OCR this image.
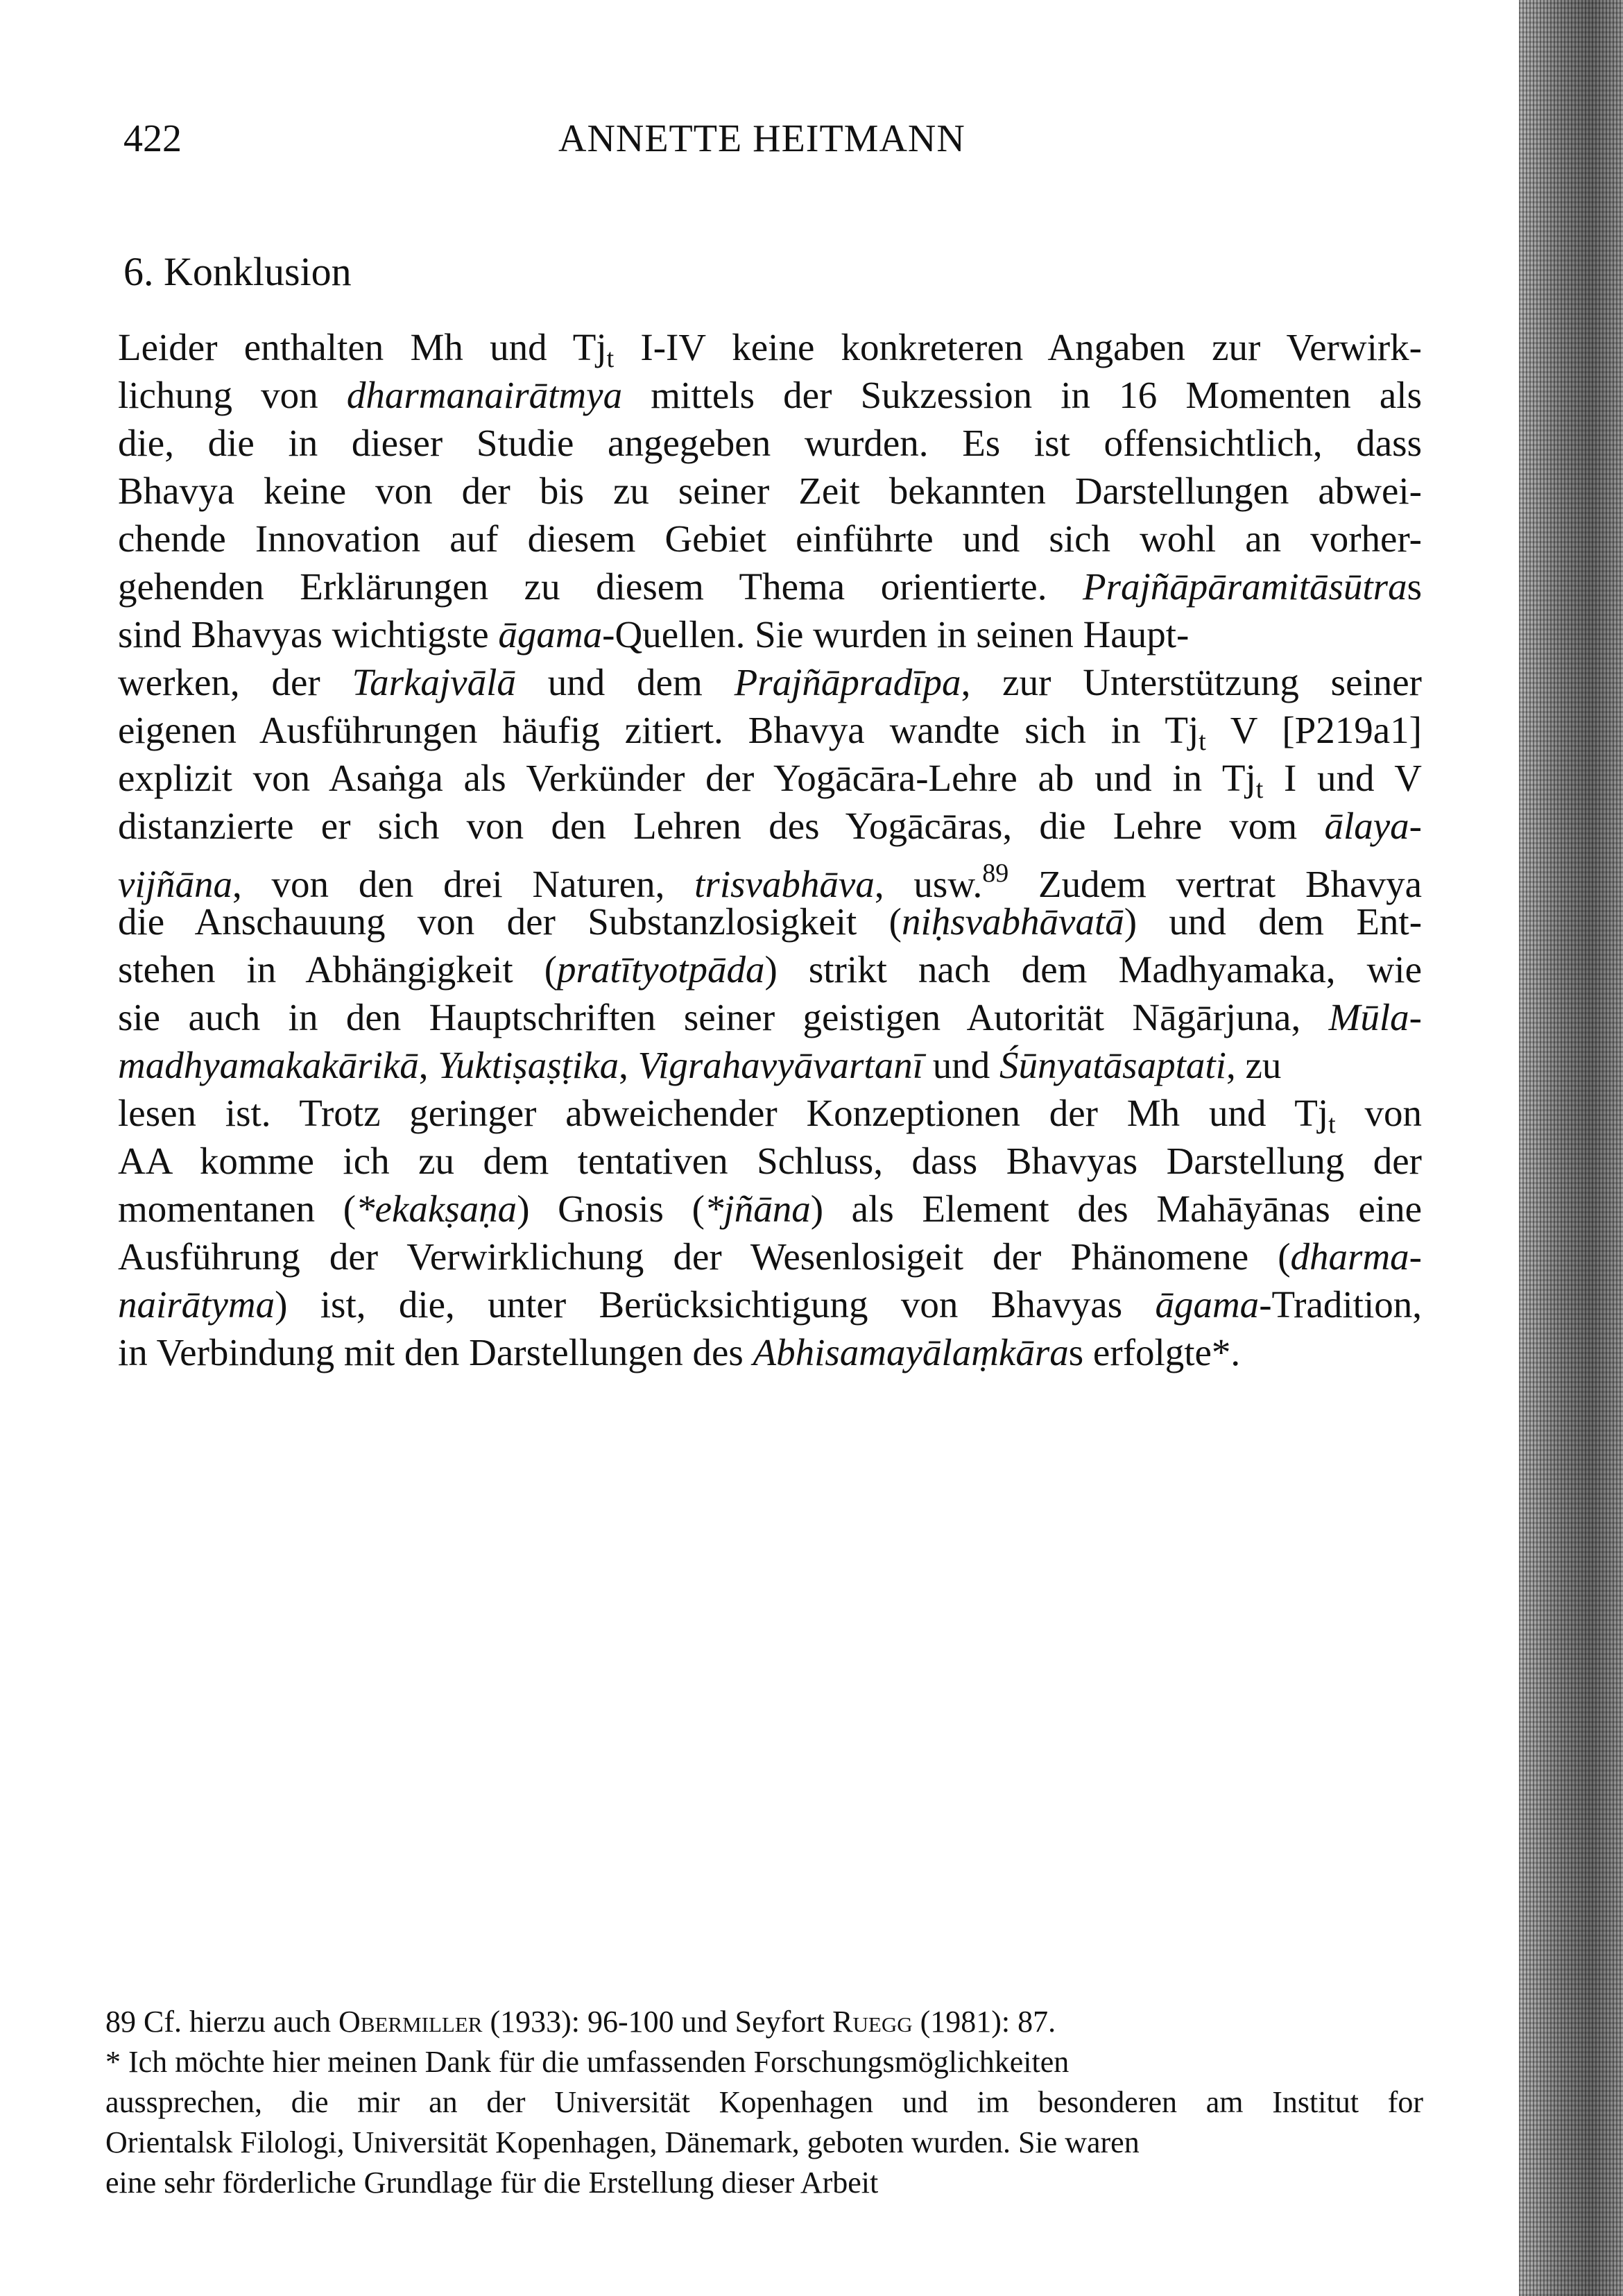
422	ANNETTE HEITMANN
6. Konklusion
Leider enthalten Mh und $Tj_t$ I-IV keine konkreteren Angaben zur Verwirk-
lichung von dharmanairātmya mittels der Sukzession in 16 Momenten als
die, die in dieser Studie angegeben wurden. Es ist offensichtlich, dass
Bhavya keine von der bis zu seiner Zeit bekannten Darstellungen abwei-
chende Innovation auf diesem Gebiet einführte und sich wohl an vorher-
gehenden Erklärungen zu diesem Thema orientierte. Prajñāpāramitāsūtras
sind Bhavyas wichtigste āgama-Quellen. Sie wurden in seinen Haupt-
werken, der Tarkajvālā und dem Prajñāpradīpa, zur Unterstützung seiner
eigenen Ausführungen häufig zitiert. Bhavya wandte sich in $Tj_t$ V [P219a1]
explizit von Asaṅga als Verkünder der Yogācāra-Lehre ab und in $Tj_t$ I und V
distanzierte er sich von den Lehren des Yogācāras, die Lehre vom ālaya-
vijñāna, von den drei Naturen, trisvabhāva, usw.$^{89}$ Zudem vertrat Bhavya
die Anschauung von der Substanzlosigkeit (niḥsvabhāvatā) und dem Ent-
stehen in Abhängigkeit (pratītyotpāda) strikt nach dem Madhyamaka, wie
sie auch in den Hauptschriften seiner geistigen Autorität Nāgārjuna, Mūla-
madhyamakakārikā, Yuktiṣaṣṭika, Vigrahavyāvartanī und Śūnyatāsaptati, zu
lesen ist. Trotz geringer abweichender Konzeptionen der Mh und $Tj_t$ von
AA komme ich zu dem tentativen Schluss, dass Bhavyas Darstellung der
momentanen (*ekakṣaṇa) Gnosis (*jñāna) als Element des Mahāyānas eine
Ausführung der Verwirklichung der Wesenlosigeit der Phänomene (dharma-
nairātyma) ist, die, unter Berücksichtigung von Bhavyas āgama-Tradition,
in Verbindung mit den Darstellungen des Abhisamayālaṃkāras erfolgte*.
89 Cf. hierzu auch Obermiller (1933): 96-100 und Seyfort Ruegg (1981): 87.
* Ich möchte hier meinen Dank für die umfassenden Forschungsmöglichkeiten
aussprechen, die mir an der Universität Kopenhagen und im besonderen am Institut for
Orientalsk Filologi, Universität Kopenhagen, Dänemark, geboten wurden. Sie waren
eine sehr förderliche Grundlage für die Erstellung dieser Arbeit
